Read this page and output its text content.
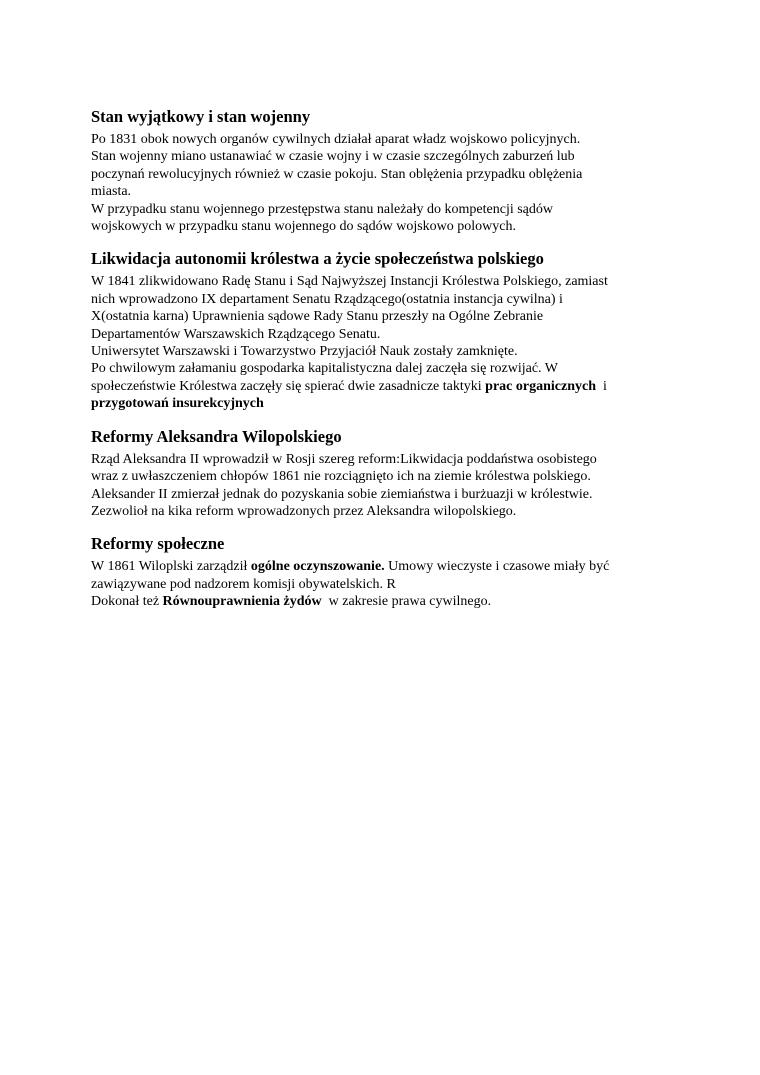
Stan wyjątkowy i stan wojenny
Po 1831 obok nowych organów cywilnych działał aparat władz wojskowo policyjnych.
Stan wojenny miano ustanawiać w czasie wojny i w czasie szczególnych zaburzeń lub
poczynań rewolucyjnych również w czasie pokoju. Stan oblężenia przypadku oblężenia
miasta.
W przypadku stanu wojennego przestępstwa stanu należały do kompetencji sądów
wojskowych w przypadku stanu wojennego do sądów wojskowo polowych.
Likwidacja autonomii królestwa a życie społeczeństwa polskiego
W 1841 zlikwidowano Radę Stanu i Sąd Najwyższej Instancji Królestwa Polskiego, zamiast
nich wprowadzono IX departament Senatu Rządzącego(ostatnia instancja cywilna) i
X(ostatnia karna) Uprawnienia sądowe Rady Stanu przeszły na Ogólne Zebranie
Departamentów Warszawskich Rządzącego Senatu.
Uniwersytet Warszawski i Towarzystwo Przyjaciół Nauk zostały zamknięte.
Po chwilowym załamaniu gospodarka kapitalistyczna dalej zaczęła się rozwijać. W
społeczeństwie Królestwa zaczęły się spierać dwie zasadnicze taktyki prac organicznych  i
przygotowań insurekcyjnych
Reformy Aleksandra Wilopolskiego
Rząd Aleksandra II wprowadził w Rosji szereg reform:Likwidacja poddaństwa osobistego
wraz z uwłaszczeniem chłopów 1861 nie rozciągnięto ich na ziemie królestwa polskiego.
Aleksander II zmierzał jednak do pozyskania sobie ziemiaństwa i burżuazji w królestwie.
Zezwolioł na kika reform wprowadzonych przez Aleksandra wilopolskiego.
Reformy społeczne
W 1861 Wiloplski zarządził ogólne oczynszowanie. Umowy wieczyste i czasowe miały być
zawiązywane pod nadzorem komisji obywatelskich. R
Dokonał też Równouprawnienia żydów  w zakresie prawa cywilnego.
